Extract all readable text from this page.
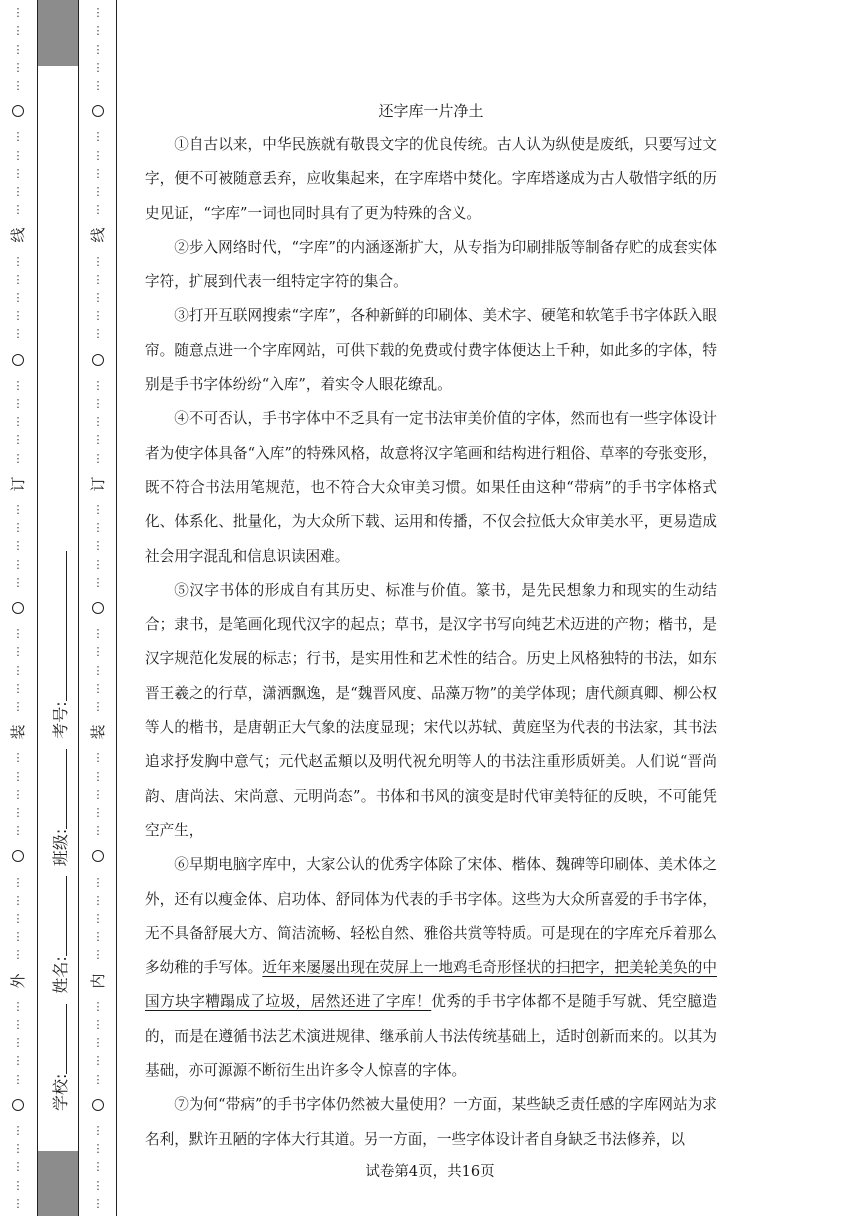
⋮
⋮
⋮
⋮
⋮
⋮
⋮
⋮
⋮
⋮
线
⋮
⋮
⋮
⋮
⋮
⋮
⋮
⋮
⋮
⋮
订
⋮
⋮
⋮
⋮
⋮
⋮
⋮
⋮
⋮
⋮
装
⋮
⋮
⋮
⋮
⋮
⋮
⋮
⋮
⋮
⋮
外
⋮
⋮
⋮
⋮
⋮
⋮
⋮
⋮
⋮
⋮
⋮
⋮
⋮
⋮
⋮
⋮
⋮
⋮
⋮
⋮
线
⋮
⋮
⋮
⋮
⋮
⋮
⋮
⋮
⋮
⋮
订
⋮
⋮
⋮
⋮
⋮
⋮
⋮
⋮
⋮
⋮
装
⋮
⋮
⋮
⋮
⋮
⋮
⋮
⋮
⋮
⋮
内
⋮
⋮
⋮
⋮
⋮
⋮
⋮
⋮
⋮
⋮
学校:
姓名:
班级:
考号:
还字库一片净土

①自古以来，中华民族就有敬畏文字的优良传统。古人认为纵使是废纸，只要写过文字，便不可被随意丢弃，应收集起来，在字库塔中焚化。字库塔遂成为古人敬惜字纸的历史见证，“字库”一词也同时具有了更为特殊的含义。

②步入网络时代，“字库”的内涵逐渐扩大，从专指为印刷排版等制备存贮的成套实体字符，扩展到代表一组特定字符的集合。

③打开互联网搜索“字库”，各种新鲜的印刷体、美术字、硬笔和软笔手书字体跃入眼帘。随意点进一个字库网站，可供下载的免费或付费字体便达上千种，如此多的字体，特别是手书字体纷纷“入库”，着实令人眼花缭乱。

④不可否认，手书字体中不乏具有一定书法审美价值的字体，然而也有一些字体设计者为使字体具备“入库”的特殊风格，故意将汉字笔画和结构进行粗俗、草率的夸张变形，既不符合书法用笔规范，也不符合大众审美习惯。如果任由这种“带病”的手书字体格式化、体系化、批量化，为大众所下载、运用和传播，不仅会拉低大众审美水平，更易造成社会用字混乱和信息识读困难。

⑤汉字书体的形成自有其历史、标准与价值。篆书，是先民想象力和现实的生动结合；隶书，是笔画化现代汉字的起点；草书，是汉字书写向纯艺术迈进的产物；楷书，是汉字规范化发展的标志；行书，是实用性和艺术性的结合。历史上风格独特的书法，如东晋王羲之的行草，潇洒飘逸，是“魏晋风度、品藻万物”的美学体现；唐代颜真卿、柳公权等人的楷书，是唐朝正大气象的法度显现；宋代以苏轼、黄庭坚为代表的书法家，其书法追求抒发胸中意气；元代赵孟頫以及明代祝允明等人的书法注重形质妍美。人们说“晋尚韵、唐尚法、宋尚意、元明尚态”。书体和书风的演变是时代审美特征的反映，不可能凭空产生，

⑥早期电脑字库中，大家公认的优秀字体除了宋体、楷体、魏碑等印刷体、美术体之外，还有以瘦金体、启功体、舒同体为代表的手书字体。这些为大众所喜爱的手书字体，无不具备舒展大方、简洁流畅、轻松自然、雅俗共赏等特质。可是现在的字库充斥着那么多幼稚的手写体。近年来屡屡出现在荧屏上一地鸡毛奇形怪状的扫把字，把美轮美奂的中国方块字糟蹋成了垃圾，居然还进了字库！优秀的手书字体都不是随手写就、凭空臆造的，而是在遵循书法艺术演进规律、继承前人书法传统基础上，适时创新而来的。以其为基础，亦可源源不断衍生出许多令人惊喜的字体。

⑦为何“带病”的手书字体仍然被大量使用？一方面，某些缺乏责任感的字库网站为求名利，默许丑陋的字体大行其道。另一方面，一些字体设计者自身缺乏书法修养，以

试卷第4页，共16页
